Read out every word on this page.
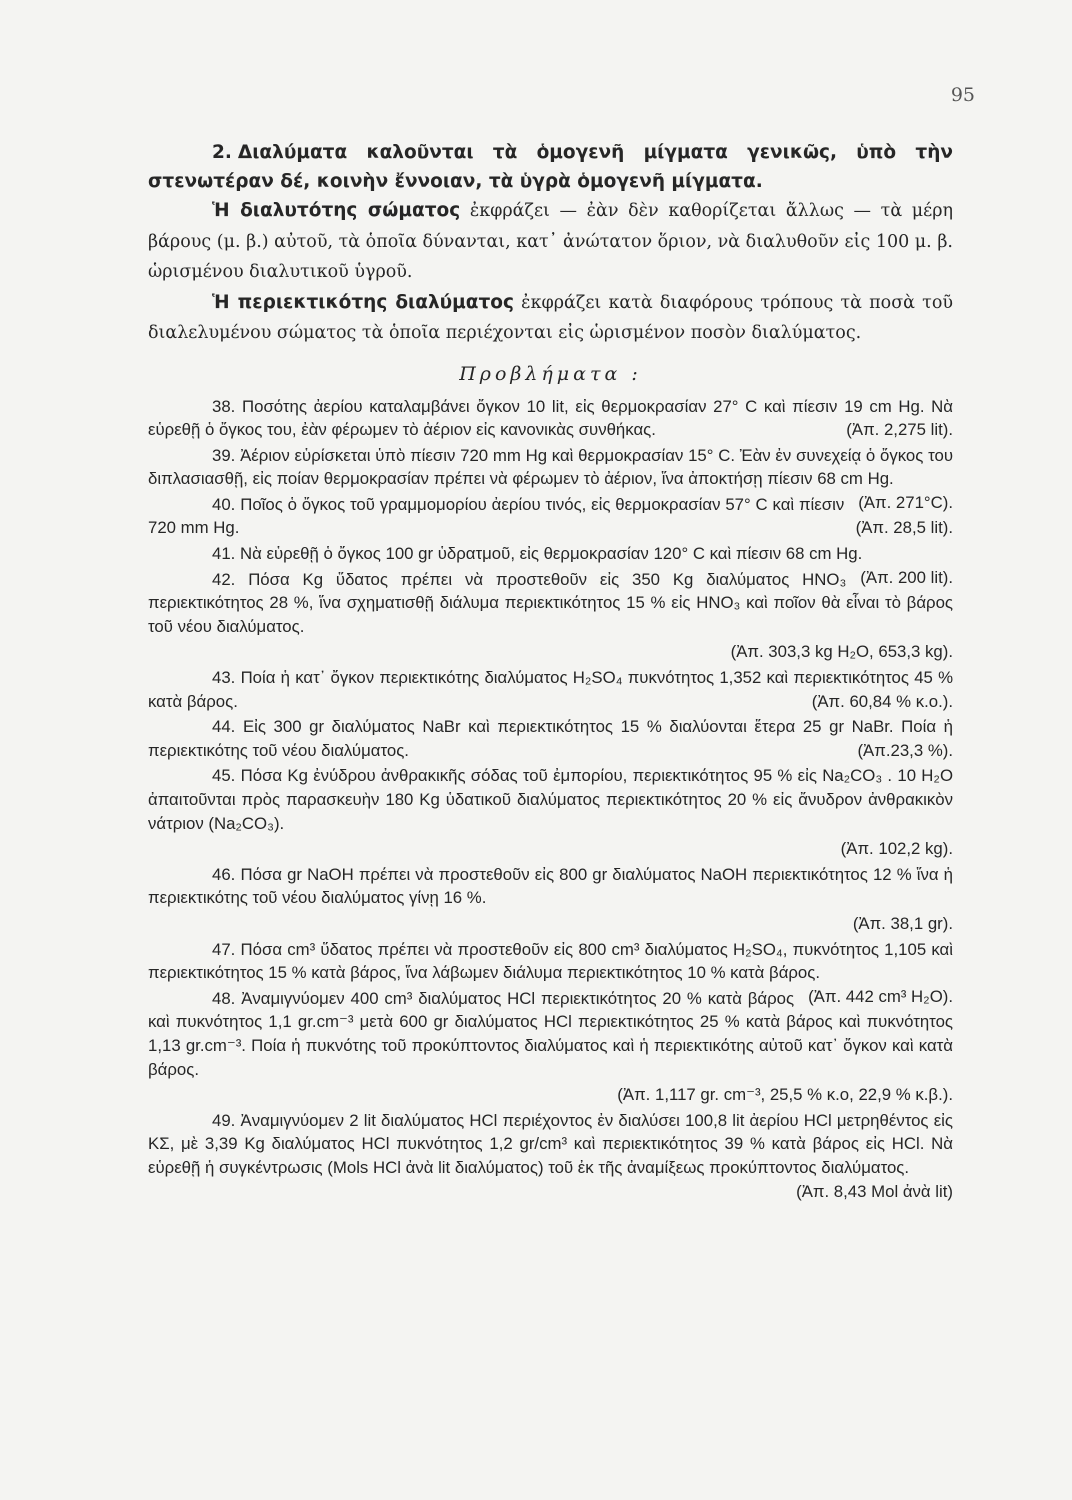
95

2. Διαλύματα καλοῦνται τὰ ὁμογενῆ μίγματα γενικῶς, ὑπὸ τὴν στενωτέραν δέ, κοινὴν ἔννοιαν, τὰ ὑγρὰ ὁμογενῆ μίγματα.

Ἡ διαλυτότης σώματος ἐκφράζει — ἐὰν δὲν καθορίζεται ἄλλως — τὰ μέρη βάρους (μ. β.) αὐτοῦ, τὰ ὁποῖα δύνανται, κατ᾽ ἀνώτατον ὅριον, νὰ διαλυθοῦν εἰς 100 μ. β. ὡρισμένου διαλυτικοῦ ὑγροῦ.

Ἡ περιεκτικότης διαλύματος ἐκφράζει κατὰ διαφόρους τρόπους τὰ ποσὰ τοῦ διαλελυμένου σώματος τὰ ὁποῖα περιέχονται εἰς ὡρισμένον ποσὸν διαλύματος.

Προβλήματα :

38. Ποσότης ἀερίου καταλαμβάνει ὄγκον 10 lit, εἰς θερμοκρασίαν 27° C καὶ πίεσιν 19 cm Hg. Νὰ εὑρεθῇ ὁ ὄγκος του, ἐὰν φέρωμεν τὸ ἀέριον εἰς κανονικὰς συνθήκας.	(Ἀπ. 2,275 lit).

39. Ἀέριον εὑρίσκεται ὑπὸ πίεσιν 720 mm Hg καὶ θερμοκρασίαν 15° C. Ἐὰν ἐν συνεχείᾳ ὁ ὄγκος του διπλασιασθῇ, εἰς ποίαν θερμοκρασίαν πρέπει νὰ φέρωμεν τὸ ἀέριον, ἵνα ἀποκτήσῃ πίεσιν 68 cm Hg.
(Ἀπ. 271°C).

40. Ποῖος ὁ ὄγκος τοῦ γραμμομορίου ἀερίου τινός, εἰς θερμοκρασίαν 57° C καὶ πίεσιν 720 mm Hg.	(Ἀπ. 28,5 lit).

41. Νὰ εὑρεθῇ ὁ ὄγκος 100 gr ὑδρατμοῦ, εἰς θερμοκρασίαν 120° C καὶ πίεσιν 68 cm Hg.
(Ἀπ. 200 lit).

42. Πόσα Kg ὕδατος πρέπει νὰ προστεθοῦν εἰς 350 Kg διαλύματος HNO₃ περιεκτικότητος 28 %, ἵνα σχηματισθῇ διάλυμα περιεκτικότητος 15 % εἰς HNO₃ καὶ ποῖον θὰ εἶναι τὸ βάρος τοῦ νέου διαλύματος.

(Ἀπ. 303,3 kg H₂O, 653,3 kg).

43. Ποία ἡ κατ᾽ ὄγκον περιεκτικότης διαλύματος H₂SO₄ πυκνότητος 1,352 καὶ περιεκτικότητος 45 % κατὰ βάρος.	(Ἀπ. 60,84 % κ.ο.).

44. Εἰς 300 gr διαλύματος NaBr καὶ περιεκτικότητος 15 % διαλύονται ἕτερα 25 gr NaBr. Ποία ἡ περιεκτικότης τοῦ νέου διαλύματος.	(Ἀπ.23,3 %).

45. Πόσα Kg ἐνύδρου ἀνθρακικῆς σόδας τοῦ ἐμπορίου, περιεκτικότητος 95 % εἰς Na₂CO₃ . 10 H₂O ἀπαιτοῦνται πρὸς παρασκευὴν 180 Kg ὑδατικοῦ διαλύματος περιεκτικότητος 20 % εἰς ἄνυδρον ἀνθρακικὸν νάτριον (Na₂CO₃).

(Ἀπ. 102,2 kg).

46. Πόσα gr NaOH πρέπει νὰ προστεθοῦν εἰς 800 gr διαλύματος NaOH περιεκτικότητος 12 % ἵνα ἡ περιεκτικότης τοῦ νέου διαλύματος γίνῃ 16 %.

(Ἀπ. 38,1 gr).

47. Πόσα cm³ ὕδατος πρέπει νὰ προστεθοῦν εἰς 800 cm³ διαλύματος H₂SO₄, πυκνότητος 1,105 καὶ περιεκτικότητος 15 % κατὰ βάρος, ἵνα λάβωμεν διάλυμα περιεκτικότητος 10 % κατὰ βάρος.
(Ἀπ. 442 cm³ H₂O).

48. Ἀναμιγνύομεν 400 cm³ διαλύματος HCl περιεκτικότητος 20 % κατὰ βάρος καὶ πυκνότητος 1,1 gr.cm⁻³ μετὰ 600 gr διαλύματος HCl περιεκτικότητος 25 % κατὰ βάρος καὶ πυκνότητος 1,13 gr.cm⁻³. Ποία ἡ πυκνότης τοῦ προκύπτοντος διαλύματος καὶ ἡ περιεκτικότης αὐτοῦ κατ᾽ ὄγκον καὶ κατὰ βάρος.

(Ἀπ. 1,117 gr. cm⁻³, 25,5 % κ.ο, 22,9 % κ.β.).

49. Ἀναμιγνύομεν 2 lit διαλύματος HCl περιέχοντος ἐν διαλύσει 100,8 lit ἀερίου HCl μετρηθέντος εἰς ΚΣ, μὲ 3,39 Kg διαλύματος HCl πυκνότητος 1,2 gr/cm³ καὶ περιεκτικότητος 39 % κατὰ βάρος εἰς HCl. Νὰ εὑρεθῇ ἡ συγκέντρωσις (Mols HCl ἀνὰ lit διαλύματος) τοῦ ἐκ τῆς ἀναμίξεως προκύπτοντος διαλύματος.
(Ἀπ. 8,43 Mol ἀνὰ lit)
